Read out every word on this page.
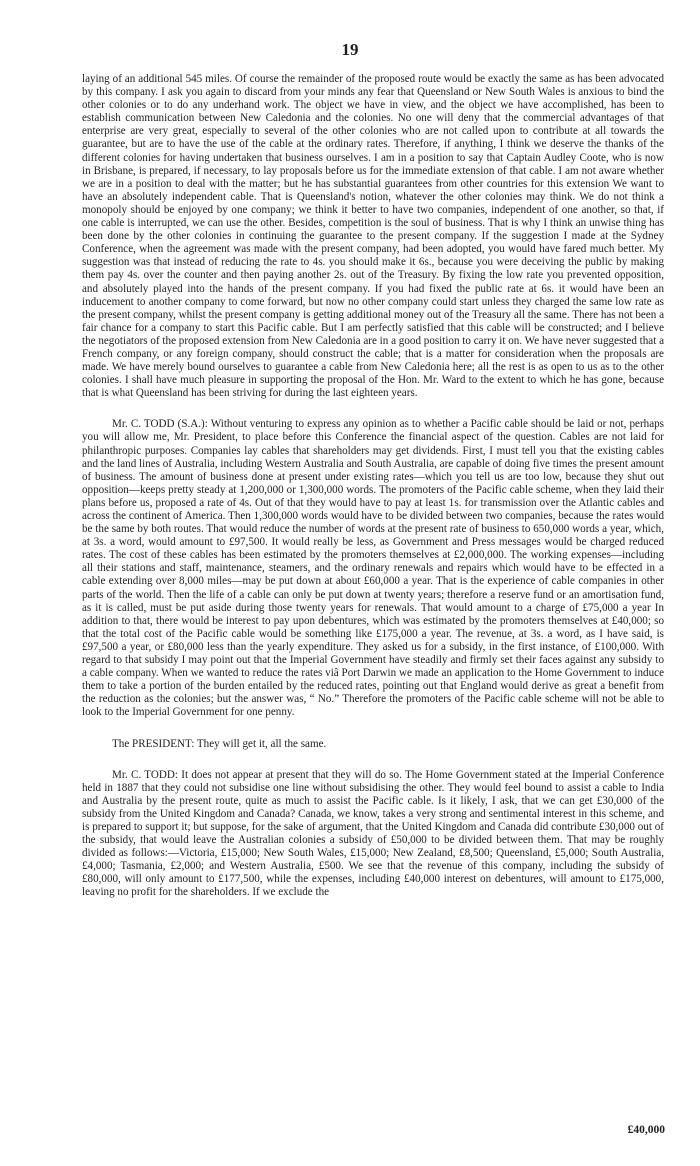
19

laying of an additional 545 miles. Of course the remainder of the proposed route would be exactly the same as has been advocated by this company. I ask you again to discard from your minds any fear that Queensland or New South Wales is anxious to bind the other colonies or to do any underhand work. The object we have in view, and the object we have accomplished, has been to establish communication between New Caledonia and the colonies. No one will deny that the commercial advantages of that enterprise are very great, especially to several of the other colonies who are not called upon to contribute at all towards the guarantee, but are to have the use of the cable at the ordinary rates. Therefore, if anything, I think we deserve the thanks of the different colonies for having undertaken that business ourselves. I am in a position to say that Captain Audley Coote, who is now in Brisbane, is prepared, if necessary, to lay proposals before us for the immediate extension of that cable. I am not aware whether we are in a position to deal with the matter; but he has substantial guarantees from other countries for this extension We want to have an absolutely independent cable. That is Queensland's notion, whatever the other colonies may think. We do not think a monopoly should be enjoyed by one company; we think it better to have two companies, independent of one another, so that, if one cable is interrupted, we can use the other. Besides, competition is the soul of business. That is why I think an unwise thing has been done by the other colonies in continuing the guarantee to the present company. If the suggestion I made at the Sydney Conference, when the agreement was made with the present company, had been adopted, you would have fared much better. My suggestion was that instead of reducing the rate to 4s. you should make it 6s., because you were deceiving the public by making them pay 4s. over the counter and then paying another 2s. out of the Treasury. By fixing the low rate you prevented opposition, and absolutely played into the hands of the present company. If you had fixed the public rate at 6s. it would have been an inducement to another company to come forward, but now no other company could start unless they charged the same low rate as the present company, whilst the present company is getting additional money out of the Treasury all the same. There has not been a fair chance for a company to start this Pacific cable. But I am perfectly satisfied that this cable will be constructed; and I believe the negotiators of the proposed extension from New Caledonia are in a good position to carry it on. We have never suggested that a French company, or any foreign company, should construct the cable; that is a matter for consideration when the proposals are made. We have merely bound ourselves to guarantee a cable from New Caledonia here; all the rest is as open to us as to the other colonies. I shall have much pleasure in supporting the proposal of the Hon. Mr. Ward to the extent to which he has gone, because that is what Queensland has been striving for during the last eighteen years.

Mr. C. TODD (S.A.): Without venturing to express any opinion as to whether a Pacific cable should be laid or not, perhaps you will allow me, Mr. President, to place before this Conference the financial aspect of the question. Cables are not laid for philanthropic purposes. Companies lay cables that shareholders may get dividends. First, I must tell you that the existing cables and the land lines of Australia, including Western Australia and South Australia, are capable of doing five times the present amount of business. The amount of business done at present under existing rates—which you tell us are too low, because they shut out opposition—keeps pretty steady at 1,200,000 or 1,300,000 words. The promoters of the Pacific cable scheme, when they laid their plans before us, proposed a rate of 4s. Out of that they would have to pay at least 1s. for transmission over the Atlantic cables and across the continent of America. Then 1,300,000 words would have to be divided between two companies, because the rates would be the same by both routes. That would reduce the number of words at the present rate of business to 650,000 words a year, which, at 3s. a word, would amount to £97,500. It would really be less, as Government and Press messages would be charged reduced rates. The cost of these cables has been estimated by the promoters themselves at £2,000,000. The working expenses—including all their stations and staff, maintenance, steamers, and the ordinary renewals and repairs which would have to be effected in a cable extending over 8,000 miles—may be put down at about £60,000 a year. That is the experience of cable companies in other parts of the world. Then the life of a cable can only be put down at twenty years; therefore a reserve fund or an amortisation fund, as it is called, must be put aside during those twenty years for renewals. That would amount to a charge of £75,000 a year In addition to that, there would be interest to pay upon debentures, which was estimated by the promoters themselves at £40,000; so that the total cost of the Pacific cable would be something like £175,000 a year. The revenue, at 3s. a word, as I have said, is £97,500 a year, or £80,000 less than the yearly expenditure. They asked us for a subsidy, in the first instance, of £100,000. With regard to that subsidy I may point out that the Imperial Government have steadily and firmly set their faces against any subsidy to a cable company. When we wanted to reduce the rates viâ Port Darwin we made an application to the Home Government to induce them to take a portion of the burden entailed by the reduced rates, pointing out that England would derive as great a benefit from the reduction as the colonies; but the answer was, “ No.” Therefore the promoters of the Pacific cable scheme will not be able to look to the Imperial Government for one penny.

The PRESIDENT: They will get it, all the same.

Mr. C. TODD: It does not appear at present that they will do so. The Home Government stated at the Imperial Conference held in 1887 that they could not subsidise one line without subsidising the other. They would feel bound to assist a cable to India and Australia by the present route, quite as much to assist the Pacific cable. Is it likely, I ask, that we can get £30,000 of the subsidy from the United Kingdom and Canada? Canada, we know, takes a very strong and sentimental interest in this scheme, and is prepared to support it; but suppose, for the sake of argument, that the United Kingdom and Canada did contribute £30,000 out of the subsidy, that would leave the Australian colonies a subsidy of £50,000 to be divided between them. That may be roughly divided as follows:—Victoria, £15,000; New South Wales, £15,000; New Zealand, £8,500; Queensland, £5,000; South Australia, £4,000; Tasmania, £2,000; and Western Australia, £500. We see that the revenue of this company, including the subsidy of £80,000, will only amount to £177,500, while the expenses, including £40,000 interest on debentures, will amount to £175,000, leaving no profit for the shareholders. If we exclude the

£40,000
